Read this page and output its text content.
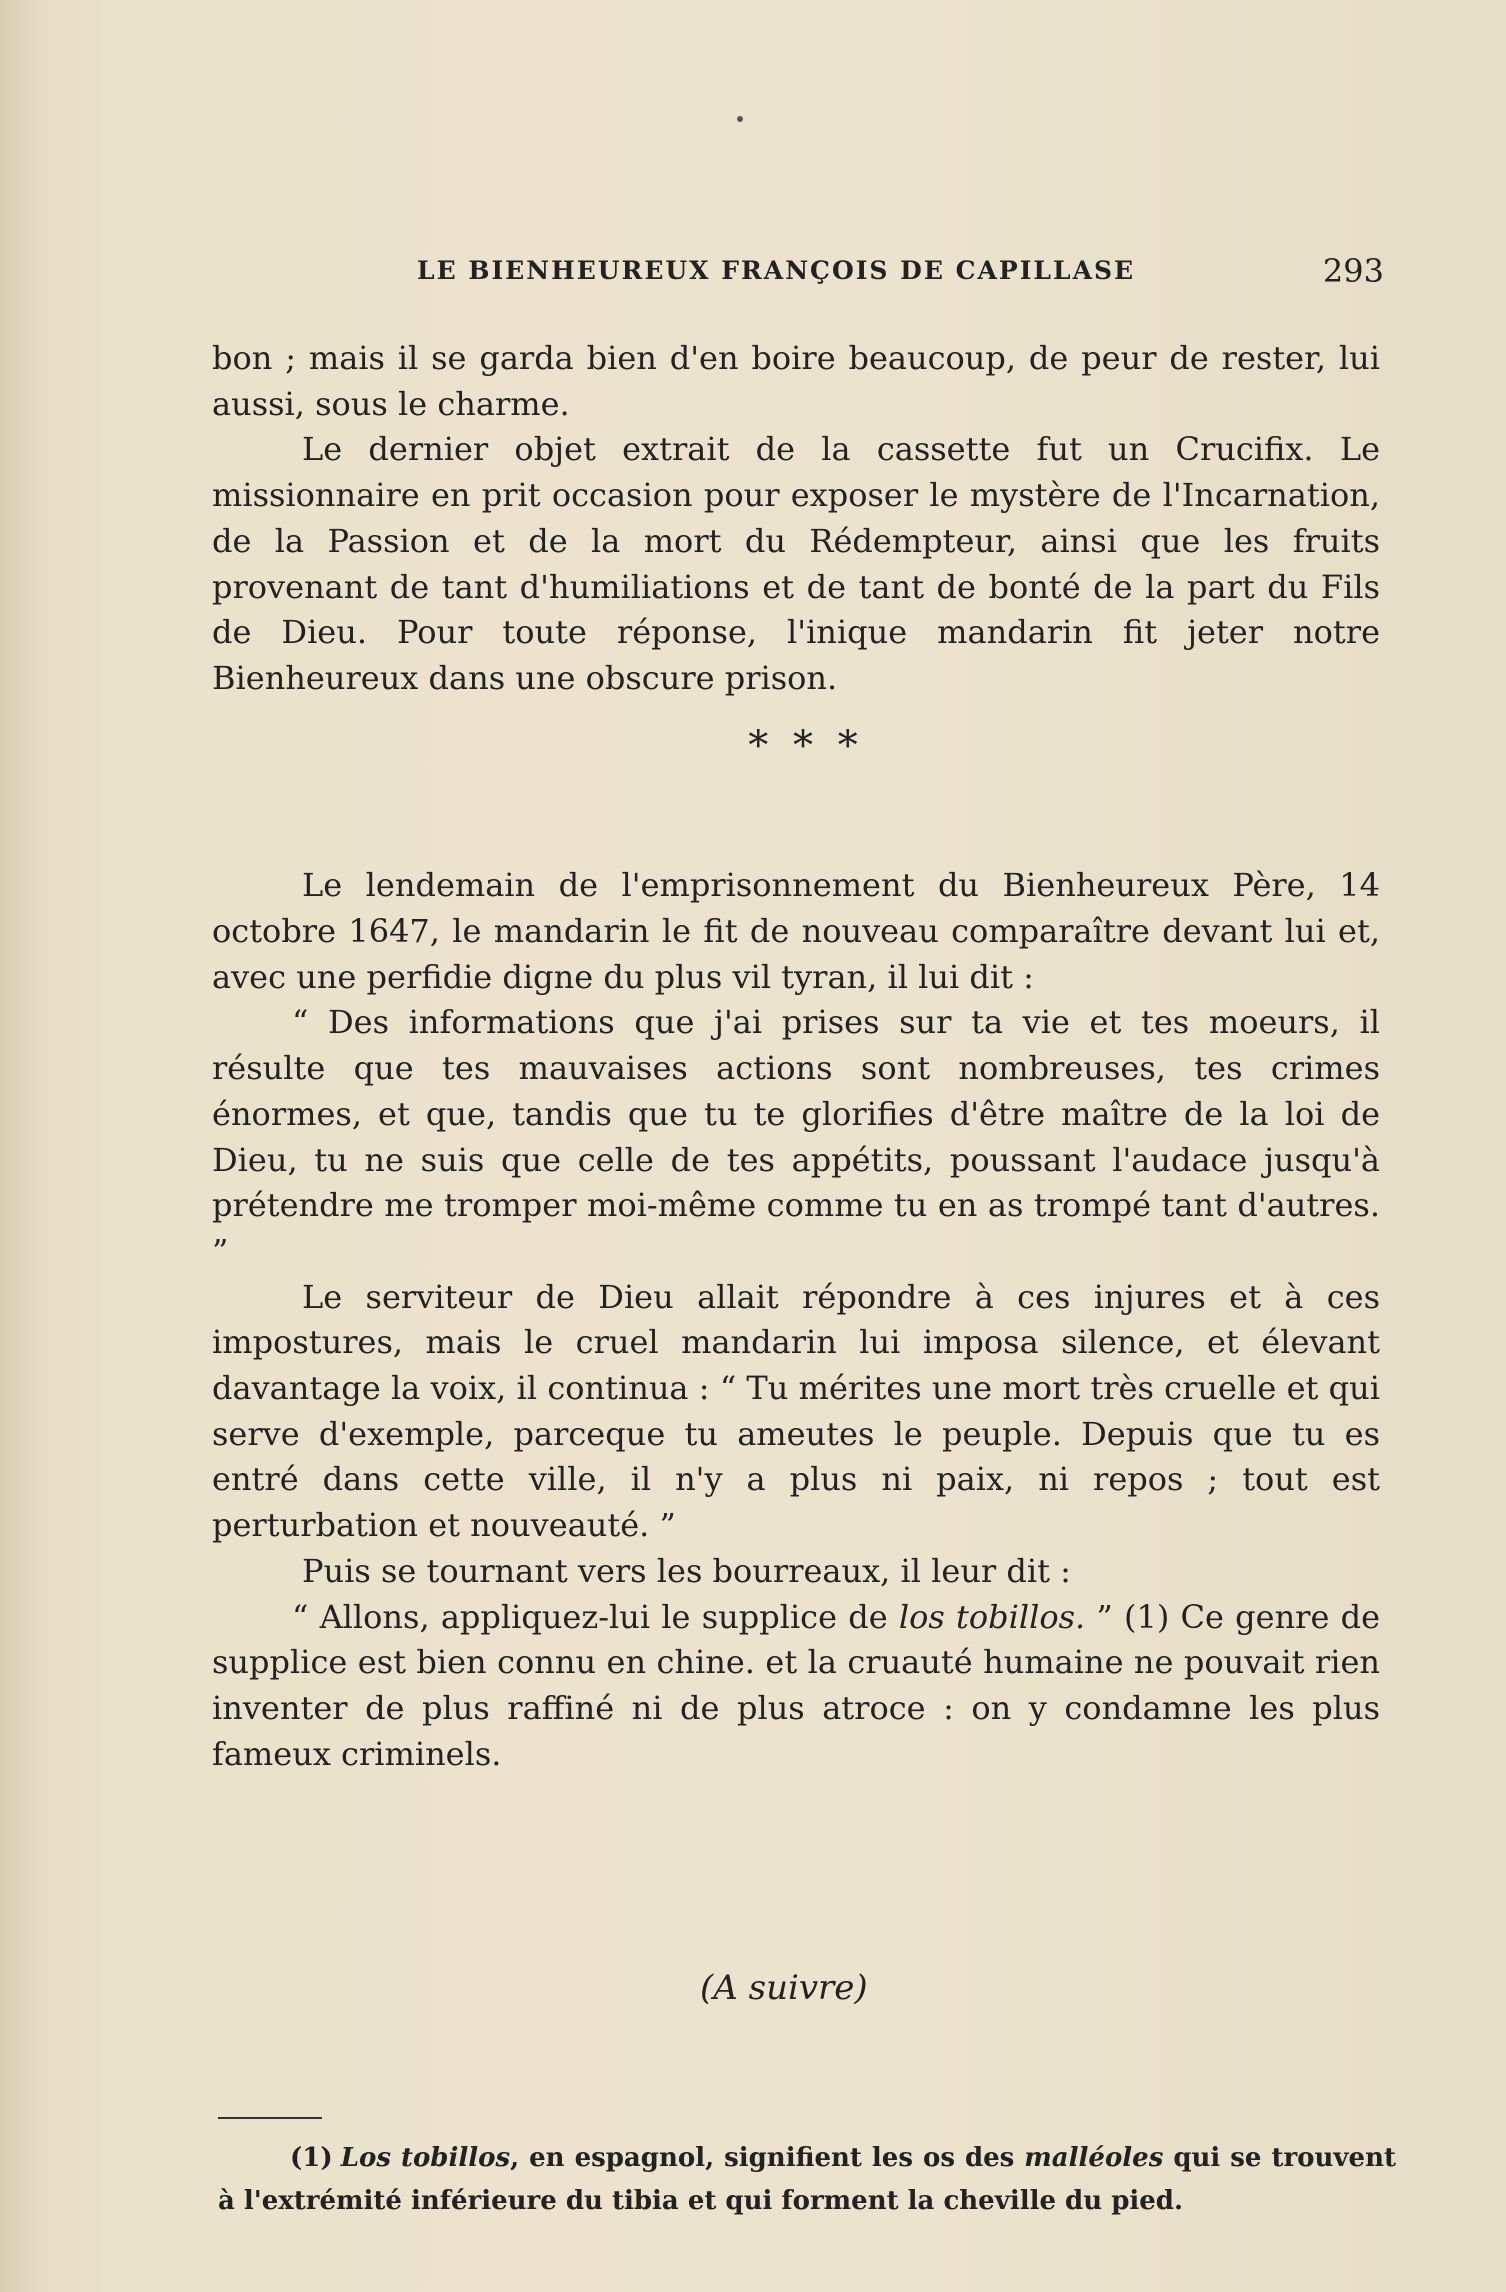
LE BIENHEUREUX FRANÇOIS DE CAPILLASE	293

bon ; mais il se garda bien d'en boire beaucoup, de peur de rester, lui aussi, sous le charme.

Le dernier objet extrait de la cassette fut un Crucifix. Le missionnaire en prit occasion pour exposer le mystère de l'Incarnation, de la Passion et de la mort du Rédempteur, ainsi que les fruits provenant de tant d'humiliations et de tant de bonté de la part du Fils de Dieu. Pour toute réponse, l'inique mandarin fit jeter notre Bienheureux dans une obscure prison.

* * *

Le lendemain de l'emprisonnement du Bienheureux Père, 14 octobre 1647, le mandarin le fit de nouveau comparaître devant lui et, avec une perfidie digne du plus vil tyran, il lui dit :

“ Des informations que j'ai prises sur ta vie et tes moeurs, il résulte que tes mauvaises actions sont nombreuses, tes crimes énormes, et que, tandis que tu te glorifies d'être maître de la loi de Dieu, tu ne suis que celle de tes appétits, poussant l'audace jusqu'à prétendre me tromper moi-même comme tu en as trompé tant d'autres. ”

Le serviteur de Dieu allait répondre à ces injures et à ces impostures, mais le cruel mandarin lui imposa silence, et élevant davantage la voix, il continua : “ Tu mérites une mort très cruelle et qui serve d'exemple, parceque tu ameutes le peuple. Depuis que tu es entré dans cette ville, il n'y a plus ni paix, ni repos ; tout est perturbation et nouveauté. ”

Puis se tournant vers les bourreaux, il leur dit :

“ Allons, appliquez-lui le supplice de los tobillos. ” (1) Ce genre de supplice est bien connu en chine. et la cruauté humaine ne pouvait rien inventer de plus raffiné ni de plus atroce : on y condamne les plus fameux criminels.

(A suivre)
(1) Los tobillos, en espagnol, signifient les os des malléoles qui se trouvent à l'extrémité inférieure du tibia et qui forment la cheville du pied.
